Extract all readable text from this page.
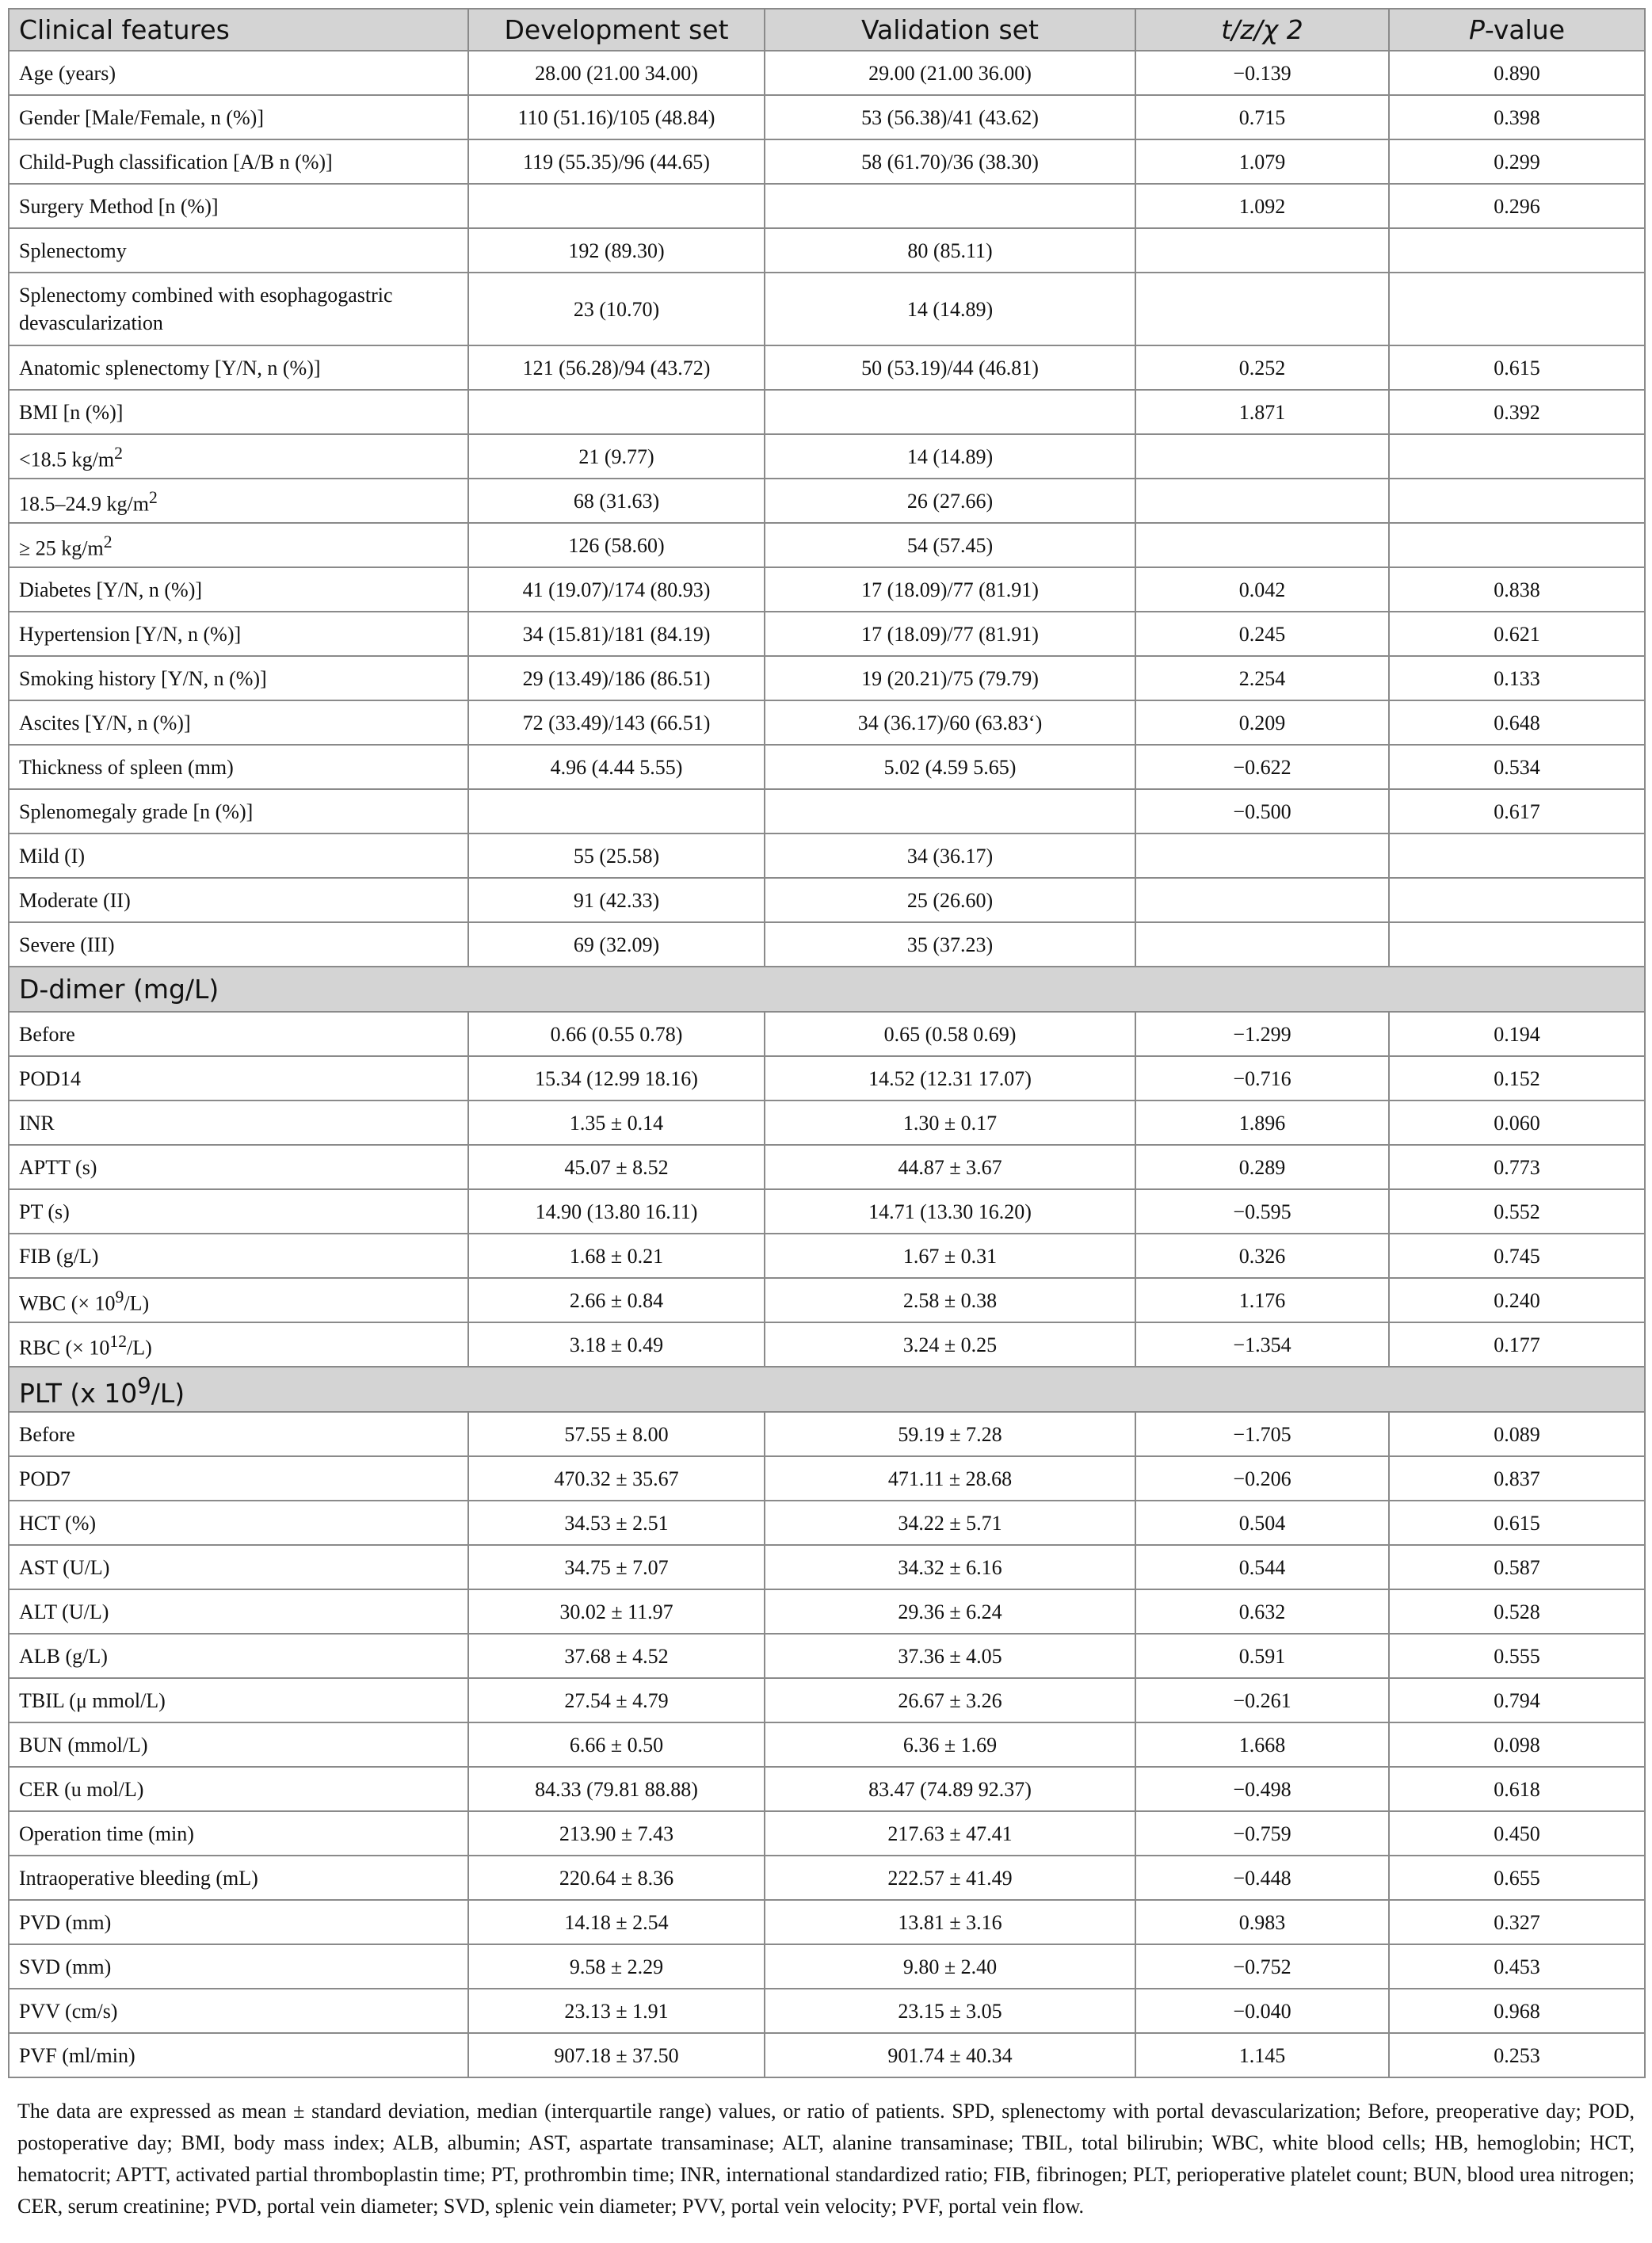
Clinical features	Development set	Validation set	t/z/χ 2	P-value
Age (years)	28.00 (21.00 34.00)	29.00 (21.00 36.00)	−0.139	0.890
Gender [Male/Female, n (%)]	110 (51.16)/105 (48.84)	53 (56.38)/41 (43.62)	0.715	0.398
Child-Pugh classification [A/B n (%)]	119 (55.35)/96 (44.65)	58 (61.70)/36 (38.30)	1.079	0.299
Surgery Method [n (%)]			1.092	0.296
Splenectomy	192 (89.30)	80 (85.11)		
Splenectomy combined with esophagogastric devascularization	23 (10.70)	14 (14.89)		
Anatomic splenectomy [Y/N, n (%)]	121 (56.28)/94 (43.72)	50 (53.19)/44 (46.81)	0.252	0.615
BMI [n (%)]			1.871	0.392
<18.5 $kg/m^2$	21 (9.77)	14 (14.89)		
18.5–24.9 $kg/m^2$	68 (31.63)	26 (27.66)		
≥ 25 $kg/m^2$	126 (58.60)	54 (57.45)		
Diabetes [Y/N, n (%)]	41 (19.07)/174 (80.93)	17 (18.09)/77 (81.91)	0.042	0.838
Hypertension [Y/N, n (%)]	34 (15.81)/181 (84.19)	17 (18.09)/77 (81.91)	0.245	0.621
Smoking history [Y/N, n (%)]	29 (13.49)/186 (86.51)	19 (20.21)/75 (79.79)	2.254	0.133
Ascites [Y/N, n (%)]	72 (33.49)/143 (66.51)	34 (36.17)/60 (63.83‘)	0.209	0.648
Thickness of spleen (mm)	4.96 (4.44 5.55)	5.02 (4.59 5.65)	−0.622	0.534
Splenomegaly grade [n (%)]			−0.500	0.617
Mild (I)	55 (25.58)	34 (36.17)		
Moderate (II)	91 (42.33)	25 (26.60)		
Severe (III)	69 (32.09)	35 (37.23)		
D-dimer (mg/L)				
Before	0.66 (0.55 0.78)	0.65 (0.58 0.69)	−1.299	0.194
POD14	15.34 (12.99 18.16)	14.52 (12.31 17.07)	−0.716	0.152
INR	1.35 ± 0.14	1.30 ± 0.17	1.896	0.060
APTT (s)	45.07 ± 8.52	44.87 ± 3.67	0.289	0.773
PT (s)	14.90 (13.80 16.11)	14.71 (13.30 16.20)	−0.595	0.552
FIB (g/L)	1.68 ± 0.21	1.67 ± 0.31	0.326	0.745
WBC (× $10^9/L$)	2.66 ± 0.84	2.58 ± 0.38	1.176	0.240
RBC (× $10^{12}/L$)	3.18 ± 0.49	3.24 ± 0.25	−1.354	0.177
PLT (x $10^9/L$)				
Before	57.55 ± 8.00	59.19 ± 7.28	−1.705	0.089
POD7	470.32 ± 35.67	471.11 ± 28.68	−0.206	0.837
HCT (%)	34.53 ± 2.51	34.22 ± 5.71	0.504	0.615
AST (U/L)	34.75 ± 7.07	34.32 ± 6.16	0.544	0.587
ALT (U/L)	30.02 ± 11.97	29.36 ± 6.24	0.632	0.528
ALB (g/L)	37.68 ± 4.52	37.36 ± 4.05	0.591	0.555
TBIL (μ mmol/L)	27.54 ± 4.79	26.67 ± 3.26	−0.261	0.794
BUN (mmol/L)	6.66 ± 0.50	6.36 ± 1.69	1.668	0.098
CER (u mol/L)	84.33 (79.81 88.88)	83.47 (74.89 92.37)	−0.498	0.618
Operation time (min)	213.90 ± 7.43	217.63 ± 47.41	−0.759	0.450
Intraoperative bleeding (mL)	220.64 ± 8.36	222.57 ± 41.49	−0.448	0.655
PVD (mm)	14.18 ± 2.54	13.81 ± 3.16	0.983	0.327
SVD (mm)	9.58 ± 2.29	9.80 ± 2.40	−0.752	0.453
PVV (cm/s)	23.13 ± 1.91	23.15 ± 3.05	−0.040	0.968
PVF (ml/min)	907.18 ± 37.50	901.74 ± 40.34	1.145	0.253

The data are expressed as mean ± standard deviation, median (interquartile range) values, or ratio of patients. SPD, splenectomy with portal devascularization; Before, preoperative day; POD, postoperative day; BMI, body mass index; ALB, albumin; AST, aspartate transaminase; ALT, alanine transaminase; TBIL, total bilirubin; WBC, white blood cells; HB, hemoglobin; HCT, hematocrit; APTT, activated partial thromboplastin time; PT, prothrombin time; INR, international standardized ratio; FIB, fibrinogen; PLT, perioperative platelet count; BUN, blood urea nitrogen; CER, serum creatinine; PVD, portal vein diameter; SVD, splenic vein diameter; PVV, portal vein velocity; PVF, portal vein flow.
